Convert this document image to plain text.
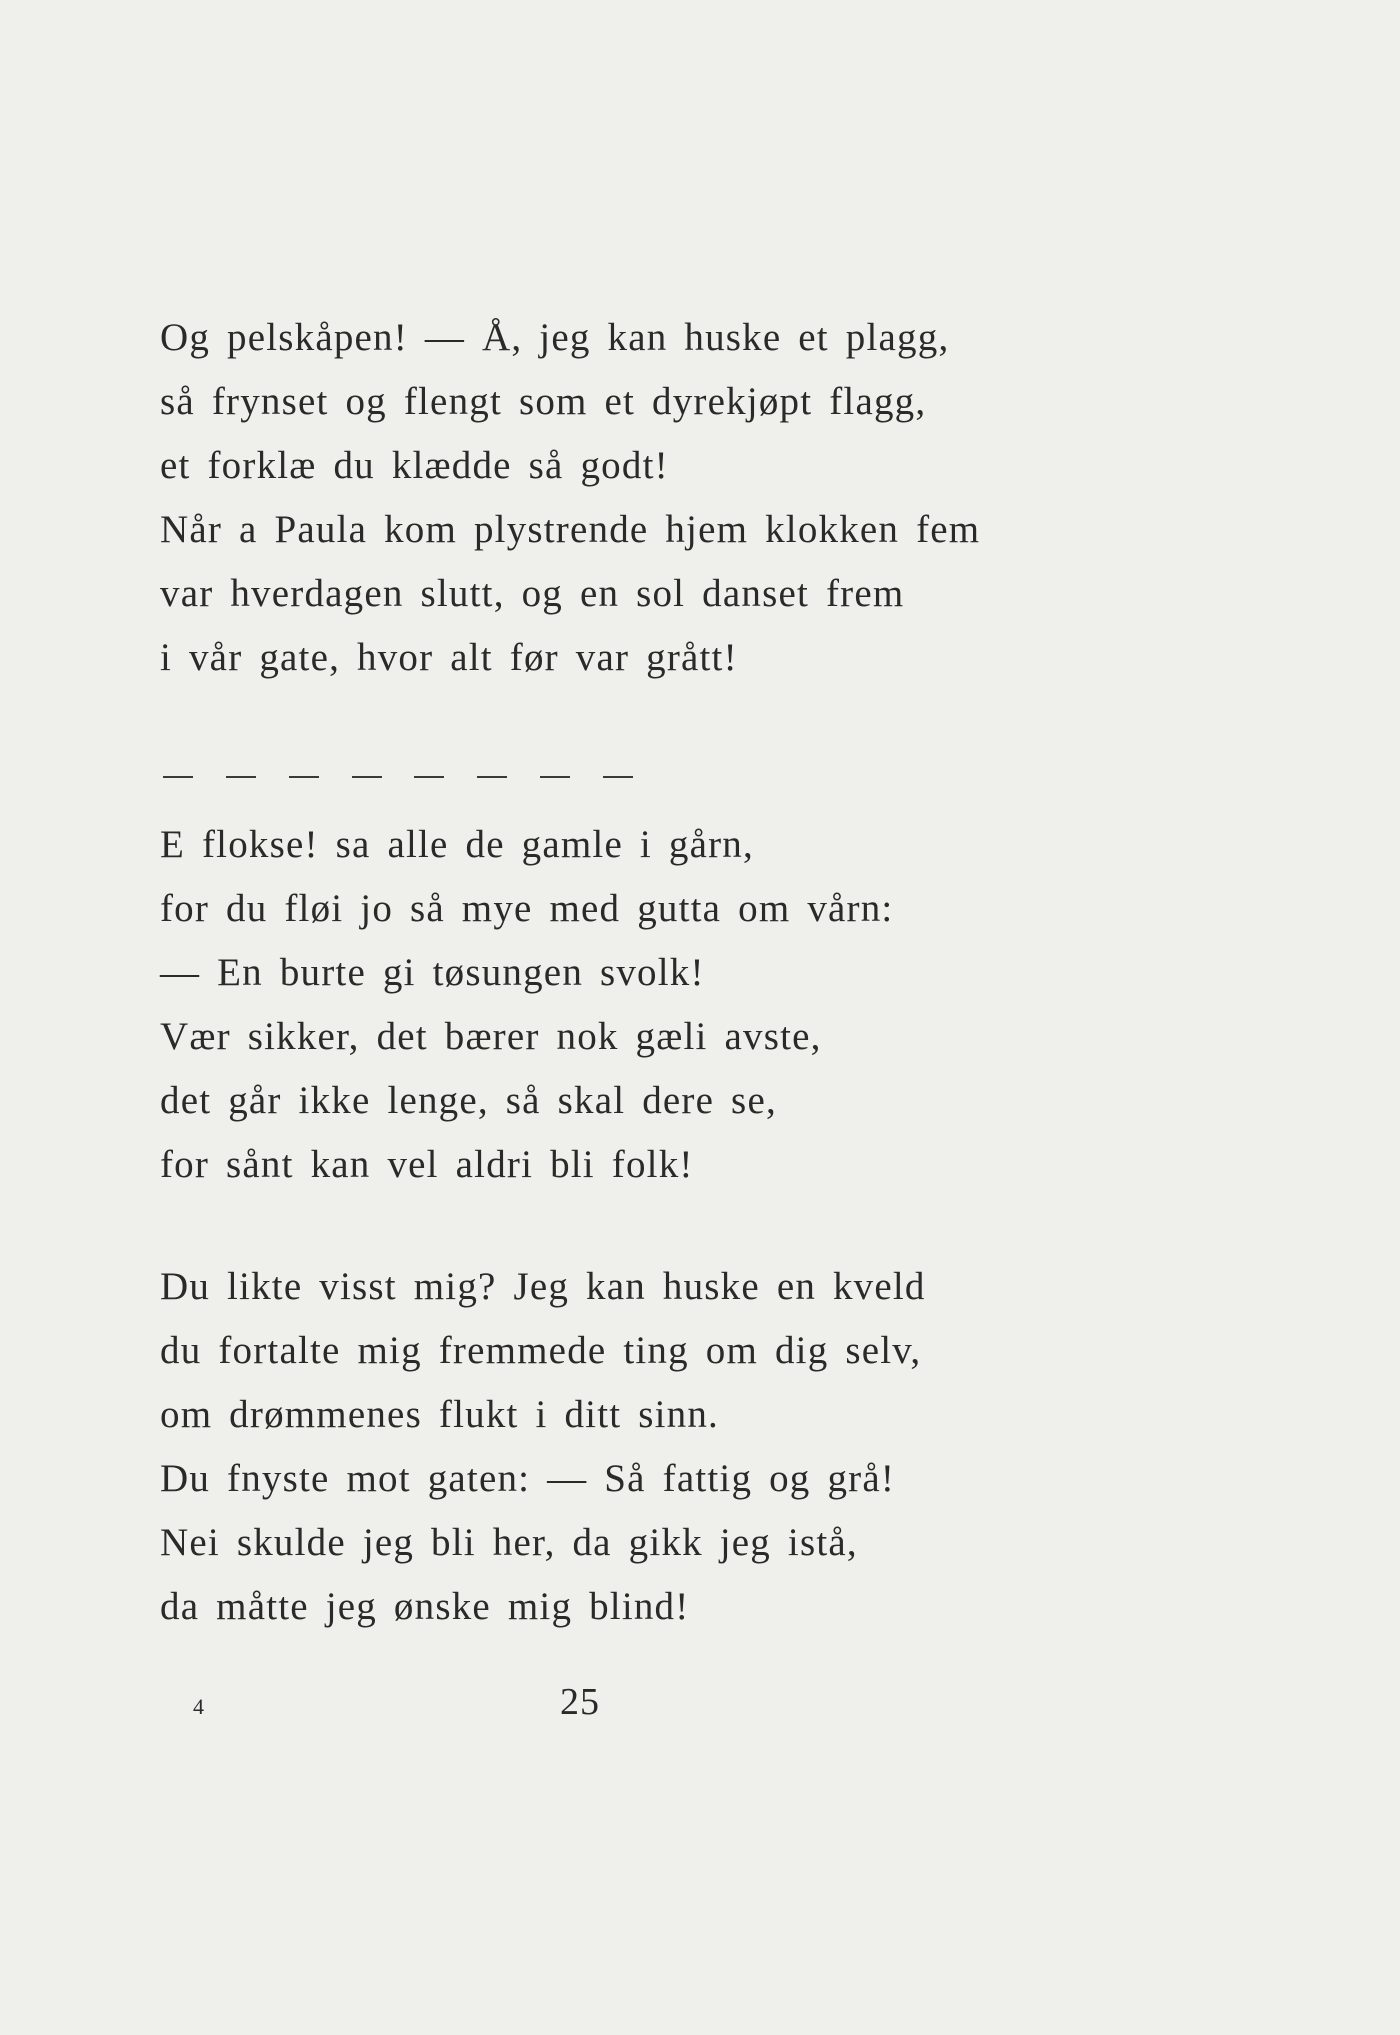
Og pelskåpen! — Å, jeg kan huske et plagg,
så frynset og flengt som et dyrekjøpt flagg,
et forklæ du klædde så godt!
Når a Paula kom plystrende hjem klokken fem
var hverdagen slutt, og en sol danset frem
i vår gate, hvor alt før var grått!
E flokse! sa alle de gamle i gårn,
for du fløi jo så mye med gutta om vårn:
— En burte gi tøsungen svolk!
Vær sikker, det bærer nok gæli avste,
det går ikke lenge, så skal dere se,
for sånt kan vel aldri bli folk!
Du likte visst mig? Jeg kan huske en kveld
du fortalte mig fremmede ting om dig selv,
om drømmenes flukt i ditt sinn.
Du fnyste mot gaten: — Så fattig og grå!
Nei skulde jeg bli her, da gikk jeg istå,
da måtte jeg ønske mig blind!
4	25
